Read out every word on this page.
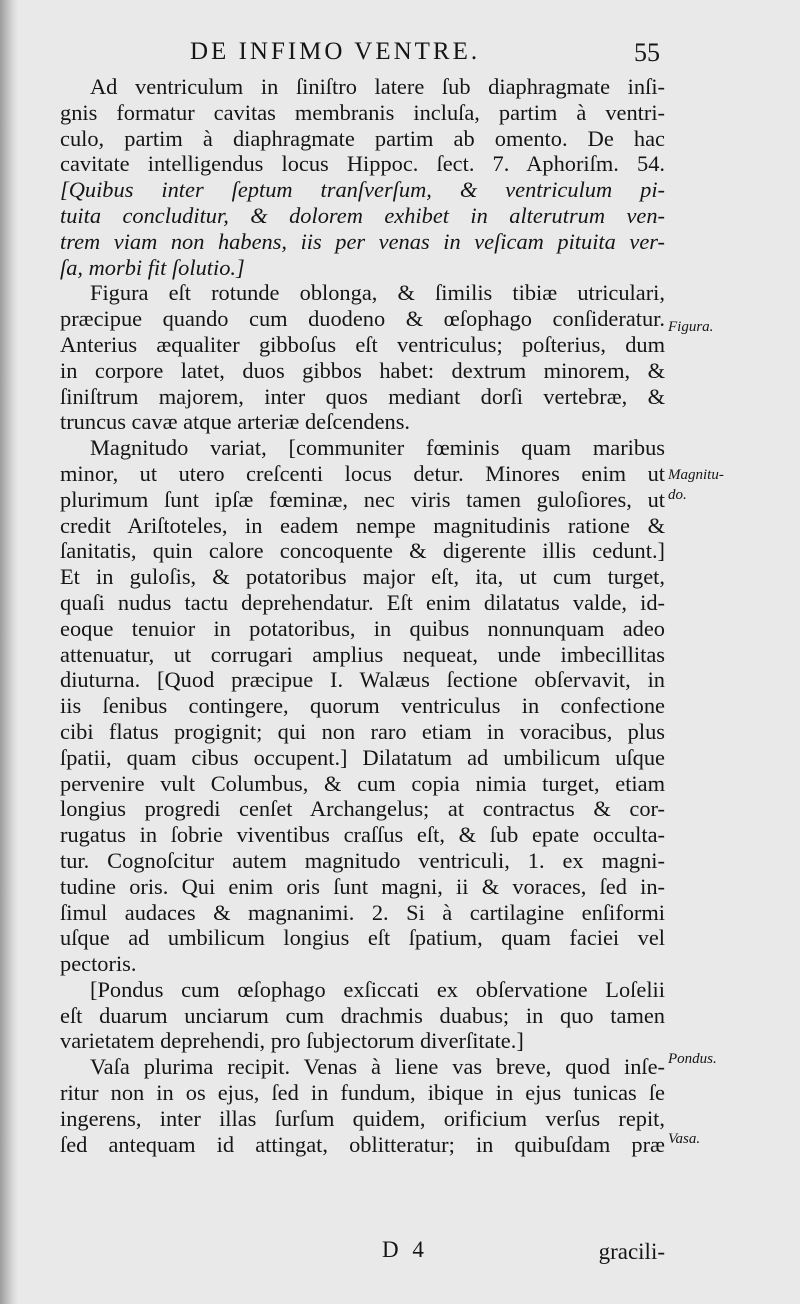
DE INFIMO VENTRE.	55
Ad ventriculum in ſiniſtro latere ſub diaphragmate inſi-
gnis formatur cavitas membranis incluſa, partim à ventri-
culo, partim à diaphragmate partim ab omento. De hac
cavitate intelligendus locus Hippoc. ſect. 7. Aphoriſm. 54.
[Quibus inter ſeptum tranſverſum, & ventriculum pi-
tuita concluditur, & dolorem exhibet in alterutrum ven-
trem viam non habens, iis per venas in veſicam pituita ver-
ſa, morbi fit ſolutio.]
Figura eſt rotunde oblonga, & ſimilis tibiæ utriculari,
præcipue quando cum duodeno & œſophago conſideratur.
Anterius æqualiter gibboſus eſt ventriculus; poſterius, dum
in corpore latet, duos gibbos habet: dextrum minorem, &
ſiniſtrum majorem, inter quos mediant dorſi vertebræ, &
truncus cavæ atque arteriæ deſcendens.
Magnitudo variat, [communiter fœminis quam maribus
minor, ut utero creſcenti locus detur. Minores enim ut
plurimum ſunt ipſæ fœminæ, nec viris tamen guloſiores, ut
credit Ariſtoteles, in eadem nempe magnitudinis ratione &
ſanitatis, quin calore concoquente & digerente illis cedunt.]
Et in guloſis, & potatoribus major eſt, ita, ut cum turget,
quaſi nudus tactu deprehendatur. Eſt enim dilatatus valde, id-
eoque tenuior in potatoribus, in quibus nonnunquam adeo
attenuatur, ut corrugari amplius nequeat, unde imbecillitas
diuturna. [Quod præcipue I. Walæus ſectione obſervavit, in
iis ſenibus contingere, quorum ventriculus in confectione
cibi flatus progignit; qui non raro etiam in voracibus, plus
ſpatii, quam cibus occupent.] Dilatatum ad umbilicum uſque
pervenire vult Columbus, & cum copia nimia turget, etiam
longius progredi cenſet Archangelus; at contractus & cor-
rugatus in ſobrie viventibus craſſus eſt, & ſub epate occulta-
tur. Cognoſcitur autem magnitudo ventriculi, 1. ex magni-
tudine oris. Qui enim oris ſunt magni, ii & voraces, ſed in-
ſimul audaces & magnanimi. 2. Si à cartilagine enſiformi
uſque ad umbilicum longius eſt ſpatium, quam faciei vel
pectoris.
[Pondus cum œſophago exſiccati ex obſervatione Loſelii
eſt duarum unciarum cum drachmis duabus; in quo tamen
varietatem deprehendi, pro ſubjectorum diverſitate.]
Vaſa plurima recipit. Venas à liene vas breve, quod inſe-
ritur non in os ejus, ſed in fundum, ibique in ejus tunicas ſe
ingerens, inter illas ſurſum quidem, orificium verſus repit,
ſed antequam id attingat, oblitteratur; in quibuſdam præ
Figura.
Magnitu-
do.
Pondus.
Vasa.
D 4	gracili-
